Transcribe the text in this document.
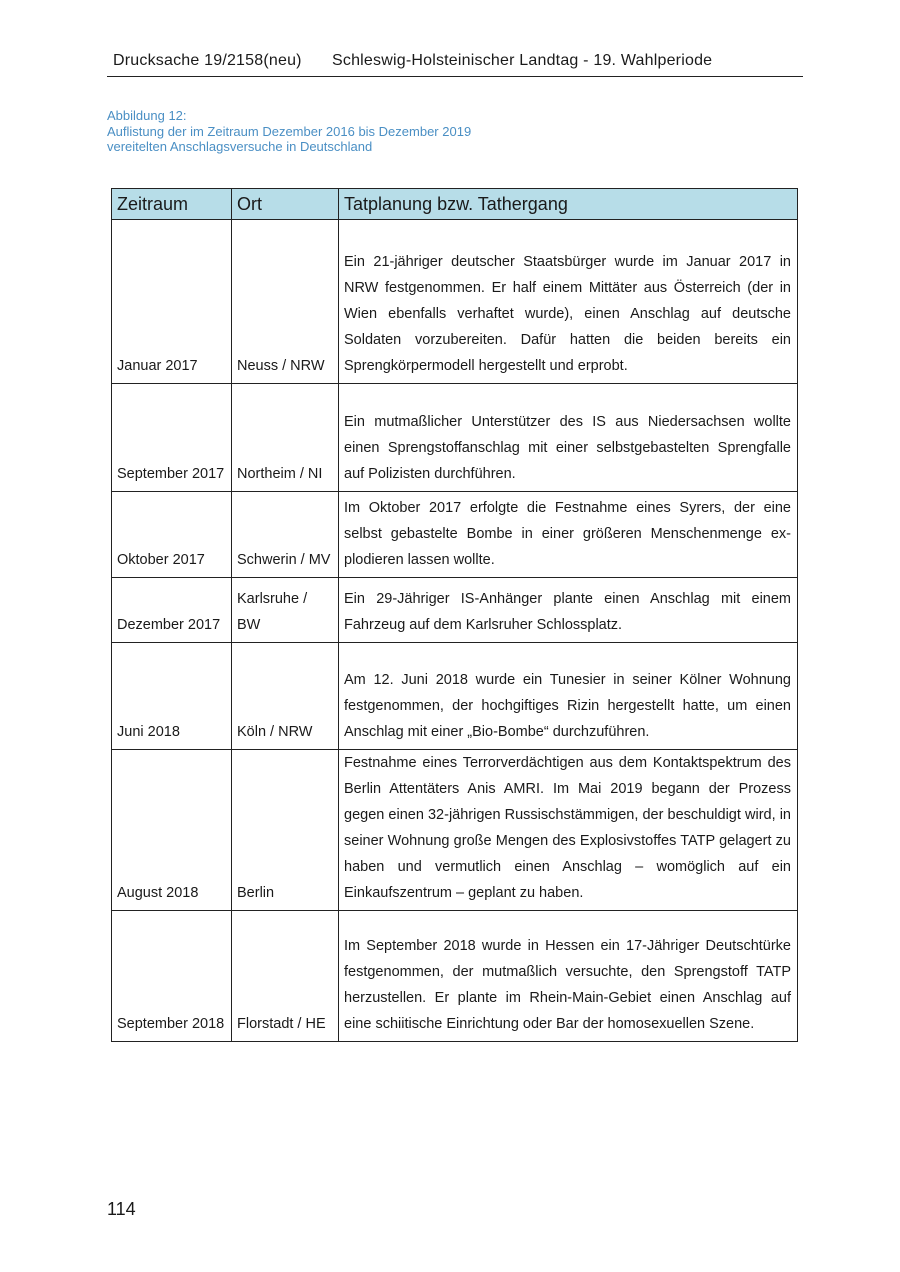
Drucksache 19/2158(neu) Schleswig-Holsteinischer Landtag - 19. Wahlperiode
Abbildung 12:
Auflistung der im Zeitraum Dezember 2016 bis Dezember 2019
vereitelten Anschlagsversuche in Deutschland
Zeitraum	Ort	Tatplanung bzw. Tathergang
Januar 2017	Neuss / NRW	Ein 21-jähriger deutscher Staatsbürger wurde im Januar 2017 in NRW festgenommen. Er half einem Mittäter aus Österreich (der in Wien ebenfalls verhaftet wurde), einen Anschlag auf deutsche Soldaten vorzubereiten. Dafür hatten die beiden bereits ein Sprengkörpermodell hergestellt und erprobt.
September 2017	Northeim / NI	Ein mutmaßlicher Unterstützer des IS aus Niedersachsen wollte einen Sprengstoffanschlag mit einer selbstgebastelten Sprengfalle auf Polizisten durchführen.
Oktober 2017	Schwerin / MV	Im Oktober 2017 erfolgte die Festnahme eines Syrers, der eine selbst gebastelte Bombe in einer größeren Menschenmenge explodieren lassen wollte.
Dezember 2017	Karlsruhe / BW	Ein 29-Jähriger IS-Anhänger plante einen Anschlag mit einem Fahrzeug auf dem Karlsruher Schlossplatz.
Juni 2018	Köln / NRW	Am 12. Juni 2018 wurde ein Tunesier in seiner Kölner Wohnung festgenommen, der hochgiftiges Rizin hergestellt hatte, um einen Anschlag mit einer „Bio-Bombe“ durchzuführen.
August 2018	Berlin	Festnahme eines Terrorverdächtigen aus dem Kontaktspektrum des Berlin Attentäters Anis AMRI. Im Mai 2019 begann der Prozess gegen einen 32-jährigen Russischstämmigen, der beschuldigt wird, in seiner Wohnung große Mengen des Explosivstoffes TATP gelagert zu haben und vermutlich einen Anschlag – womöglich auf ein Einkaufszentrum – geplant zu haben.
September 2018	Florstadt / HE	Im September 2018 wurde in Hessen ein 17-Jähriger Deutschtürke festgenommen, der mutmaßlich versuchte, den Sprengstoff TATP herzustellen. Er plante im Rhein-Main-Gebiet einen Anschlag auf eine schiitische Einrichtung oder Bar der homosexuellen Szene.
114
